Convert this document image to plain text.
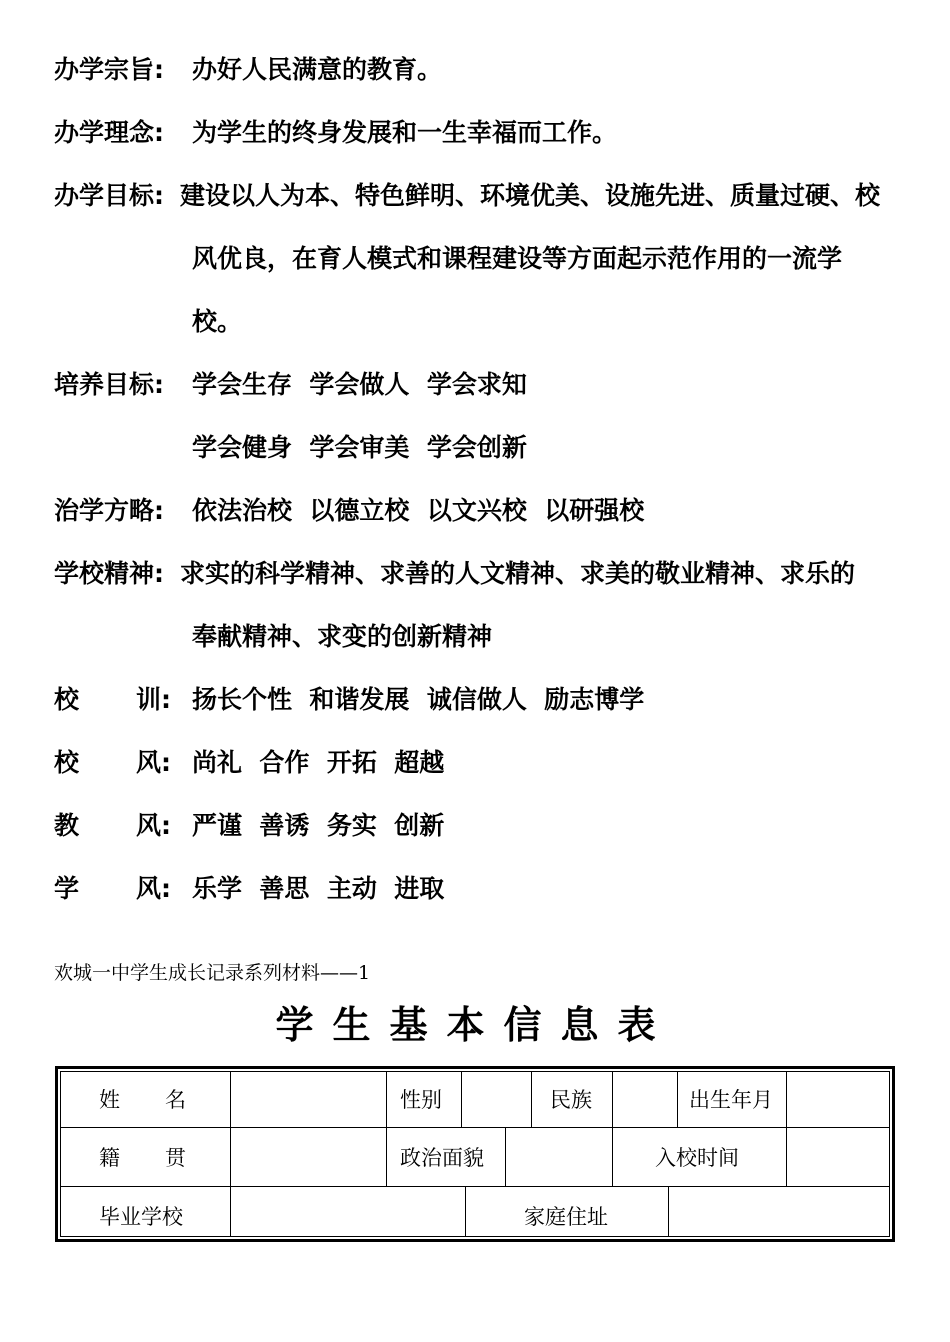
办学宗旨: 办好人民满意的教育。
办学理念: 为学生的终身发展和一生幸福而工作。
办学目标: 建设以人为本、特色鲜明、环境优美、设施先进、质量过硬、校
风优良，在育人模式和课程建设等方面起示范作用的一流学
校。
培养目标: 学会生存  学会做人  学会求知
学会健身  学会审美  学会创新
治学方略: 依法治校  以德立校  以文兴校  以研强校
学校精神: 求实的科学精神、求善的人文精神、求美的敬业精神、求乐的
奉献精神、求变的创新精神
校 训: 扬长个性  和谐发展  诚信做人  励志博学
校 风: 尚礼  合作  开拓  超越
教 风: 严谨  善诱  务实  创新
学 风: 乐学  善思  主动  进取
欢城一中学生成长记录系列材料——1
学生基本信息表
姓 名	性别	民族	出生年月
籍 贯	政治面貌	入校时间
毕业学校	家庭住址
